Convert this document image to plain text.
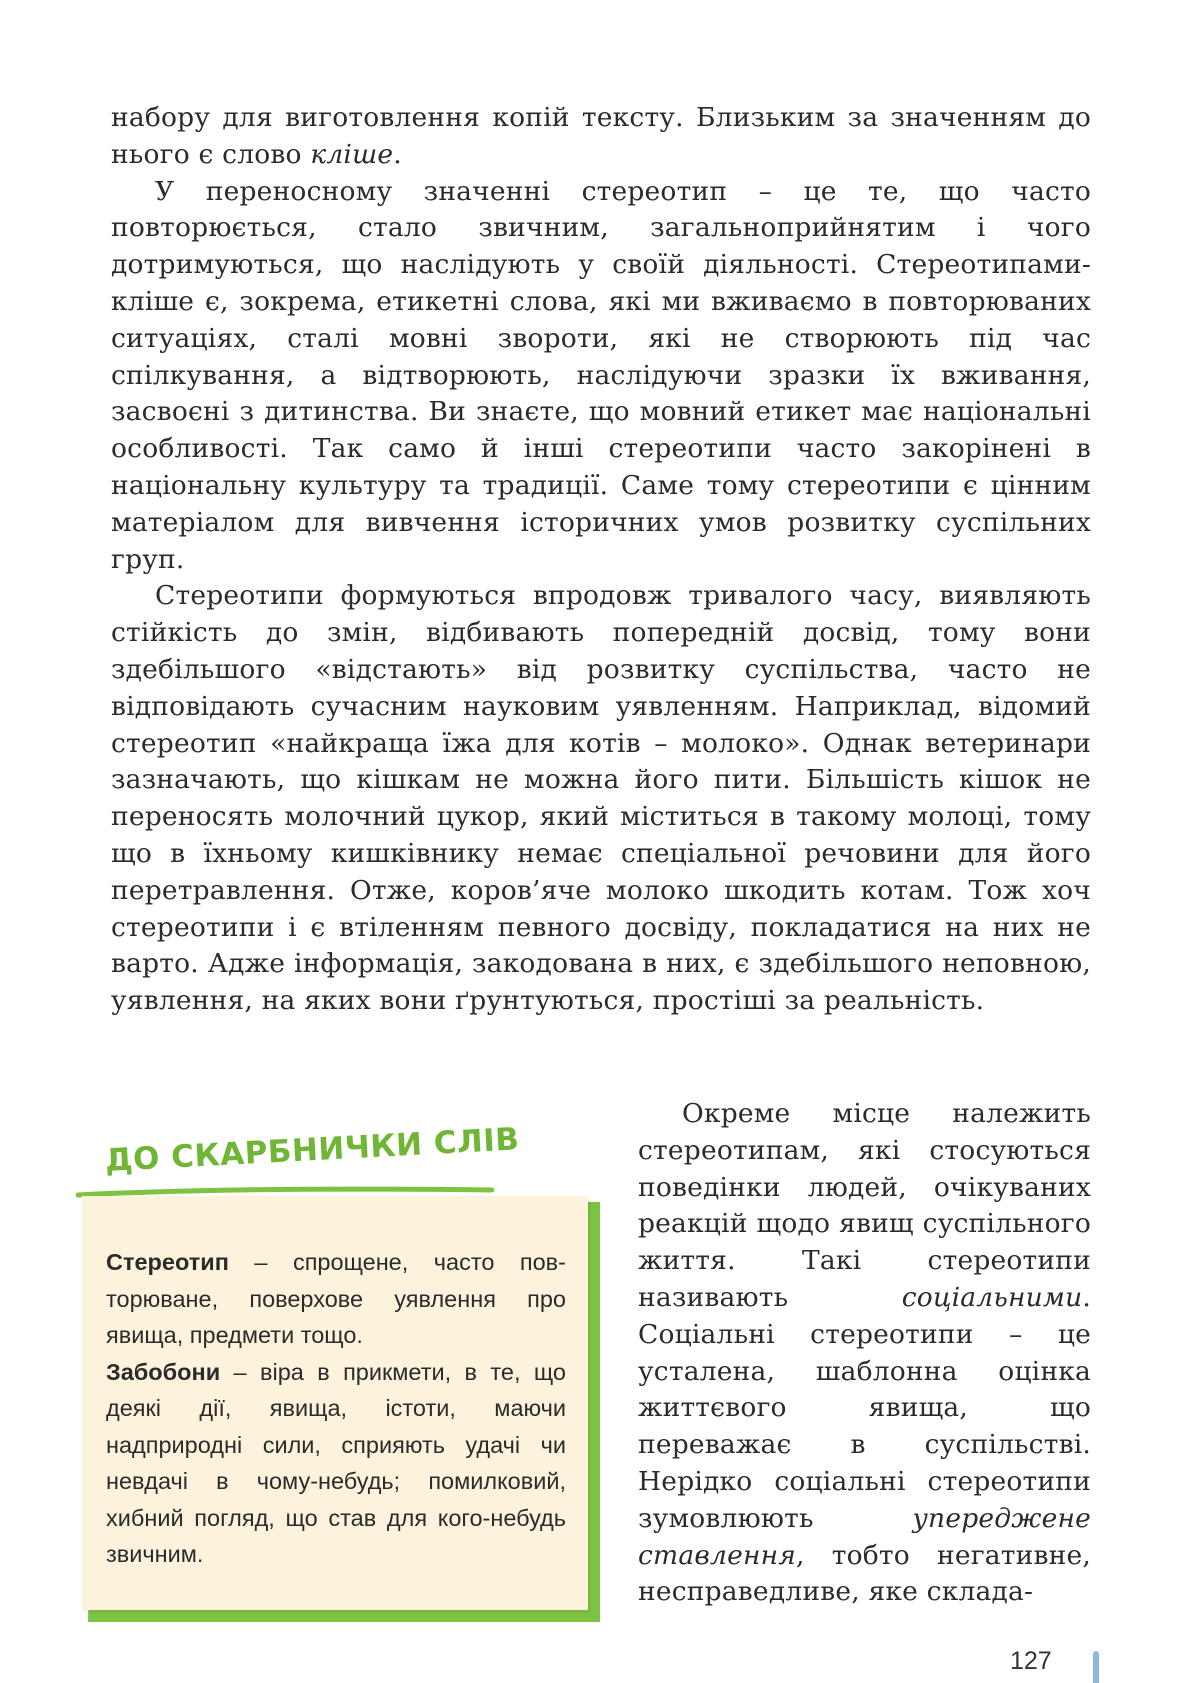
набору для виготовлення копій тексту. Близьким за значенням до нього є слово кліше.

У переносному значенні стереотип – це те, що часто повторюється, стало звичним, загальноприйнятим і чого дотримуються, що наслідують у своїй діяльності. Стереотипами-кліше є, зокрема, етикетні слова, які ми вживаємо в повторюваних ситуаціях, сталі мовні звороти, які не створюють під час спілкування, а відтворюють, наслідуючи зразки їх вживання, засвоєні з дитинства. Ви знаєте, що мовний етикет має національні особливості. Так само й інші стереотипи часто закорінені в національну культуру та традиції. Саме тому стереотипи є цінним матеріалом для вивчення історичних умов розвитку суспільних груп.

Стереотипи формуються впродовж тривалого часу, виявляють стійкість до змін, відбивають попередній досвід, тому вони здебільшого «відстають» від розвитку суспільства, часто не відповідають сучасним науковим уявленням. Наприклад, відомий стереотип «найкраща їжа для котів – молоко». Однак ветеринари зазначають, що кішкам не можна його пити. Більшість кішок не переносять молочний цукор, який міститься в такому молоці, тому що в їхньому кишківнику немає спеціальної речовини для його перетравлення. Отже, коров’яче молоко шкодить котам. Тож хоч стереотипи і є втіленням певного досвіду, покладатися на них не варто. Адже інформація, закодована в них, є здебільшого неповною, уявлення, на яких вони ґрунтуються, простіші за реальність.

ДО СКАРБНИЧКИ СЛІВ

Стереотип – спрощене, часто повторюване, поверхове уявлення про явища, предмети тощо.

Забобони – віра в прикмети, в те, що деякі дії, явища, істоти, маючи надприродні сили, сприяють удачі чи невдачі в чому-небудь; помилковий, хибний погляд, що став для кого-небудь звичним.

Окреме місце належить стереотипам, які стосуються поведінки людей, очікуваних реакцій щодо явищ суспільного життя. Такі стереотипи називають соціальними. Соціальні стереотипи – це усталена, шаблонна оцінка життєвого явища, що переважає в суспільстві. Нерідко соціальні стереотипи зумовлюють упереджене ставлення, тобто негативне, несправедливе, яке склада-

127
